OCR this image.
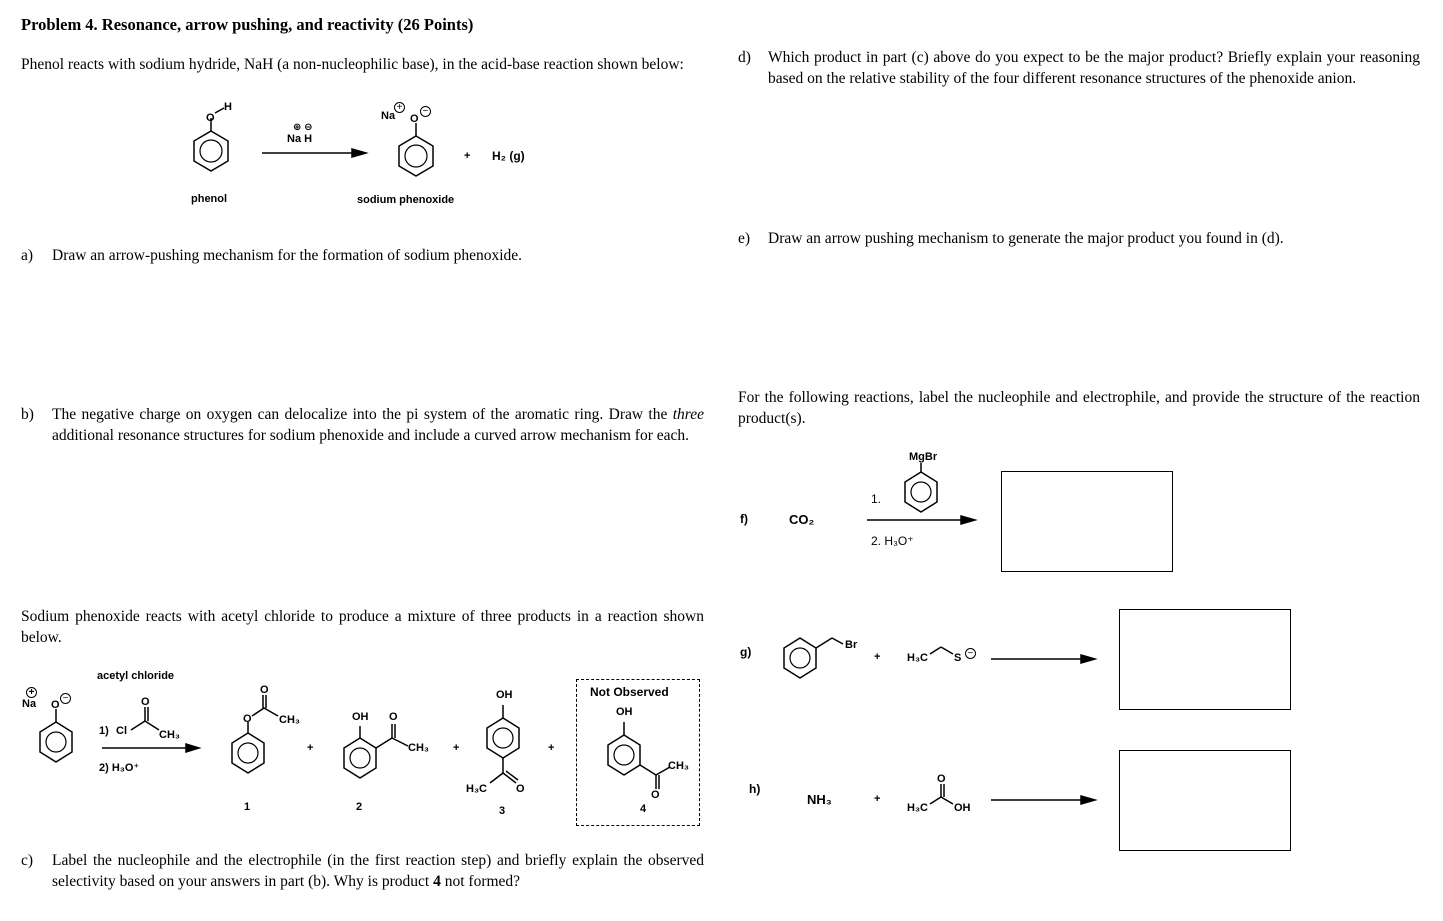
Problem 4. Resonance, arrow pushing, and reactivity (26 Points)
Phenol reacts with sodium hydride, NaH (a non-nucleophilic base), in the acid-base reaction shown below:
O
H
phenol
⊕ ⊖
Na H
+
Na O
−
+ H₂ (g)
sodium phenoxide
a) Draw an arrow-pushing mechanism for the formation of sodium phenoxide.
b) The negative charge on oxygen can delocalize into the pi system of the aromatic ring. Draw the three additional resonance structures for sodium phenoxide and include a curved arrow mechanism for each.
Sodium phenoxide reacts with acetyl chloride to produce a mixture of three products in a reaction shown below.
+
Na O
−
acetyl chloride
O
1) Cl	CH₃
2) H₃O⁺
O
O CH₃
1
+
OH O
CH₃
2
+
OH
H₃C	O
3
+
Not Observed
OH
CH₃
O
4
c) Label the nucleophile and the electrophile (in the first reaction step) and briefly explain the observed selectivity based on your answers in part (b). Why is product 4 not formed?
d) Which product in part (c) above do you expect to be the major product? Briefly explain your reasoning based on the relative stability of the four different resonance structures of the phenoxide anion.
e) Draw an arrow pushing mechanism to generate the major product you found in (d).
For the following reactions, label the nucleophile and electrophile, and provide the structure of the reaction product(s).
f)	CO₂
MgBr
1.
2. H₃O⁺
g)	Br
+ H₃C S −
h)
NH₃	+
O
H₃C OH
